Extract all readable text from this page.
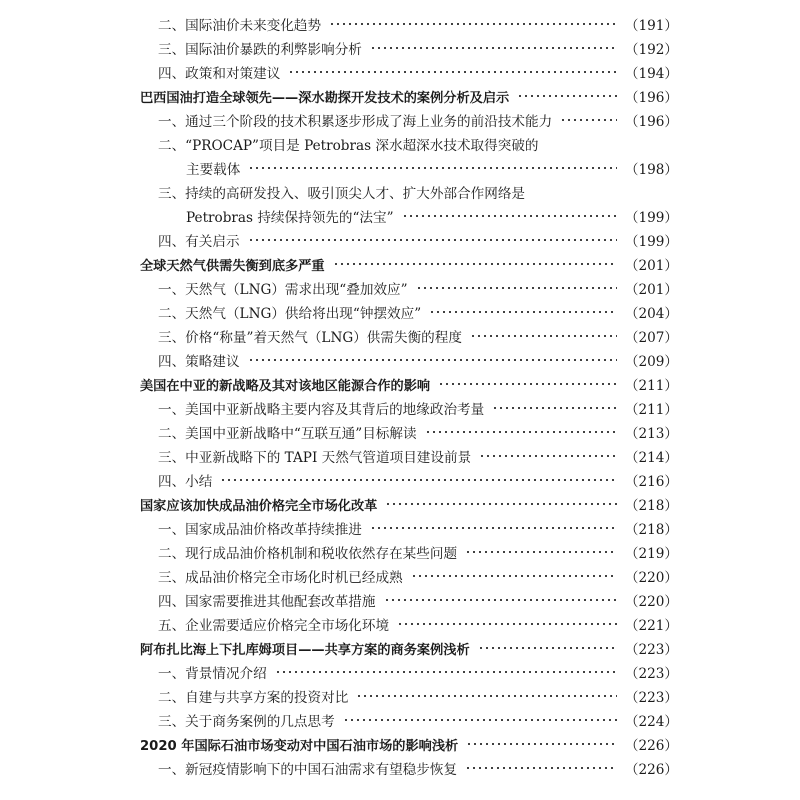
二、国际油价未来变化趋势	（191）
三、国际油价暴跌的利弊影响分析	（192）
四、政策和对策建议	（194）
巴西国油打造全球领先——深水勘探开发技术的案例分析及启示	（196）
一、通过三个阶段的技术积累逐步形成了海上业务的前沿技术能力	（196）
二、“PROCAP”项目是 Petrobras 深水超深水技术取得突破的
主要载体	（198）
三、持续的高研发投入、吸引顶尖人才、扩大外部合作网络是
Petrobras 持续保持领先的“法宝”	（199）
四、有关启示	（199）
全球天然气供需失衡到底多严重	（201）
一、天然气（LNG）需求出现“叠加效应”	（201）
二、天然气（LNG）供给将出现“钟摆效应”	（204）
三、价格“称量”着天然气（LNG）供需失衡的程度	（207）
四、策略建议	（209）
美国在中亚的新战略及其对该地区能源合作的影响	（211）
一、美国中亚新战略主要内容及其背后的地缘政治考量	（211）
二、美国中亚新战略中“互联互通”目标解读	（213）
三、中亚新战略下的 TAPI 天然气管道项目建设前景	（214）
四、小结	（216）
国家应该加快成品油价格完全市场化改革	（218）
一、国家成品油价格改革持续推进	（218）
二、现行成品油价格机制和税收依然存在某些问题	（219）
三、成品油价格完全市场化时机已经成熟	（220）
四、国家需要推进其他配套改革措施	（220）
五、企业需要适应价格完全市场化环境	（221）
阿布扎比海上下扎库姆项目——共享方案的商务案例浅析	（223）
一、背景情况介绍	（223）
二、自建与共享方案的投资对比	（223）
三、关于商务案例的几点思考	（224）
2020 年国际石油市场变动对中国石油市场的影响浅析	（226）
一、新冠疫情影响下的中国石油需求有望稳步恢复	（226）
